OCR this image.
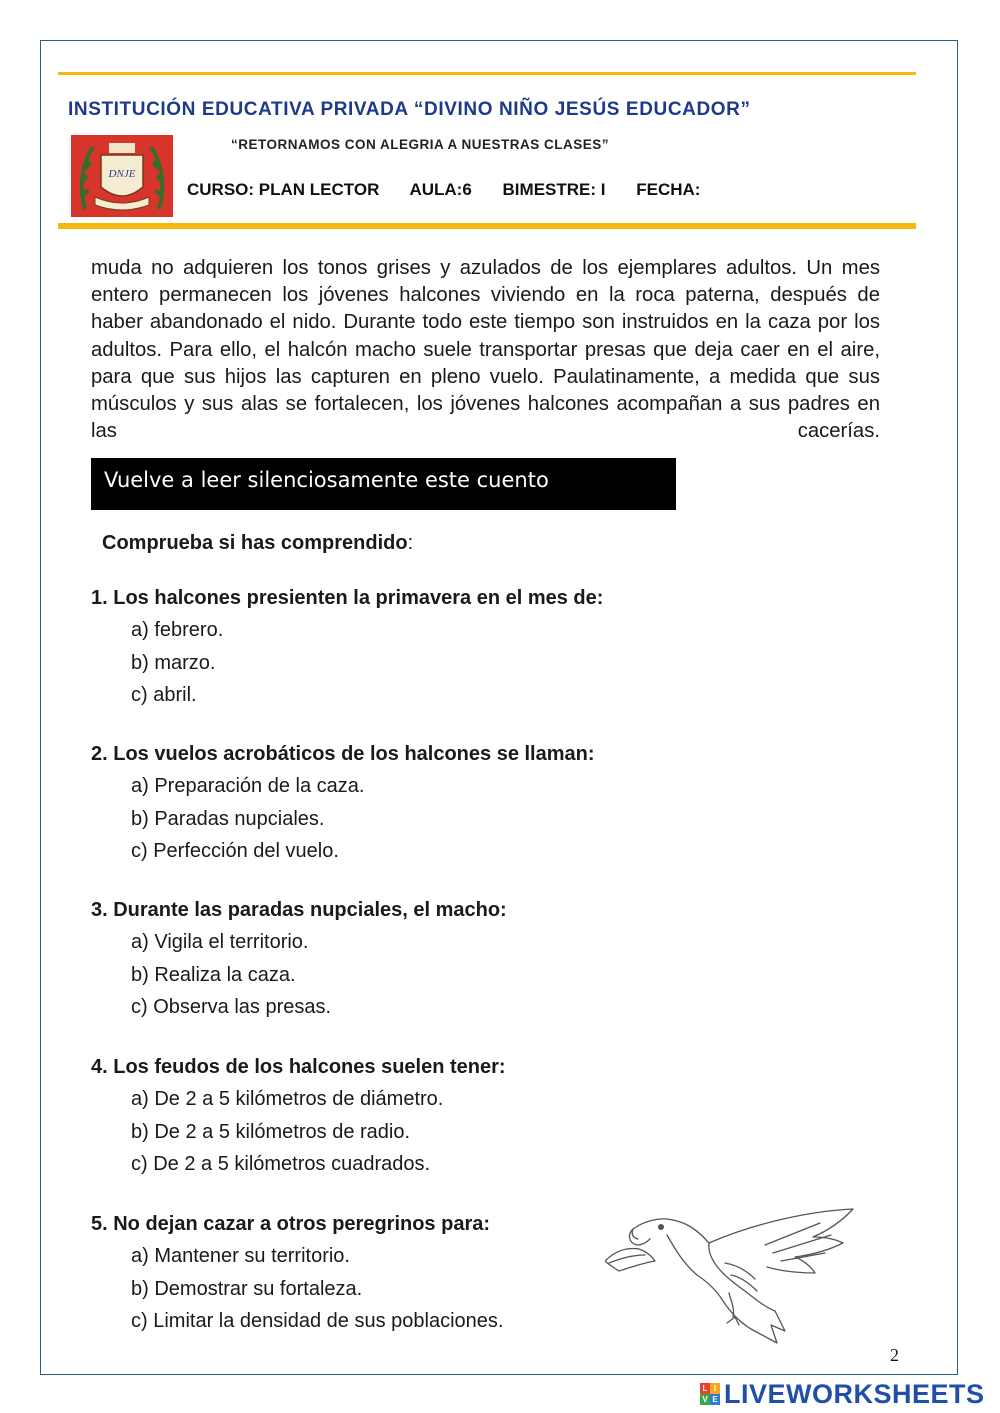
INSTITUCIÓN EDUCATIVA PRIVADA “DIVINO NIÑO JESÚS EDUCADOR”
“RETORNAMOS CON ALEGRIA A NUESTRAS CLASES”
DNJE
CURSO: PLAN LECTOR AULA:6 BIMESTRE: I FECHA:
muda no adquieren los tonos grises y azulados de los ejemplares adultos. Un mes entero permanecen los jóvenes halcones viviendo en la roca paterna, después de haber abandonado el nido. Durante todo este tiempo son instruidos en la caza por los adultos. Para ello, el halcón macho suele transportar presas que deja caer en el aire, para que sus hijos las capturen en pleno vuelo. Paulatinamente, a medida que sus músculos y sus alas se fortalecen, los jóvenes halcones acompañan a sus padres en las cacerías.
Vuelve a leer silenciosamente este cuento
Comprueba si has comprendido:
1. Los halcones presienten la primavera en el mes de:
a) febrero.
b) marzo.
c) abril.
2. Los vuelos acrobáticos de los halcones se llaman:
a) Preparación de la caza.
b) Paradas nupciales.
c) Perfección del vuelo.
3. Durante las paradas nupciales, el macho:
a) Vigila el territorio.
b) Realiza la caza.
c) Observa las presas.
4. Los feudos de los halcones suelen tener:
a) De 2 a 5 kilómetros de diámetro.
b) De 2 a 5 kilómetros de radio.
c) De 2 a 5 kilómetros cuadrados.
5. No dejan cazar a otros peregrinos para:
a) Mantener su territorio.
b) Demostrar su fortaleza.
c) Limitar la densidad de sus poblaciones.
2
L I
V E LIVEWORKSHEETS
